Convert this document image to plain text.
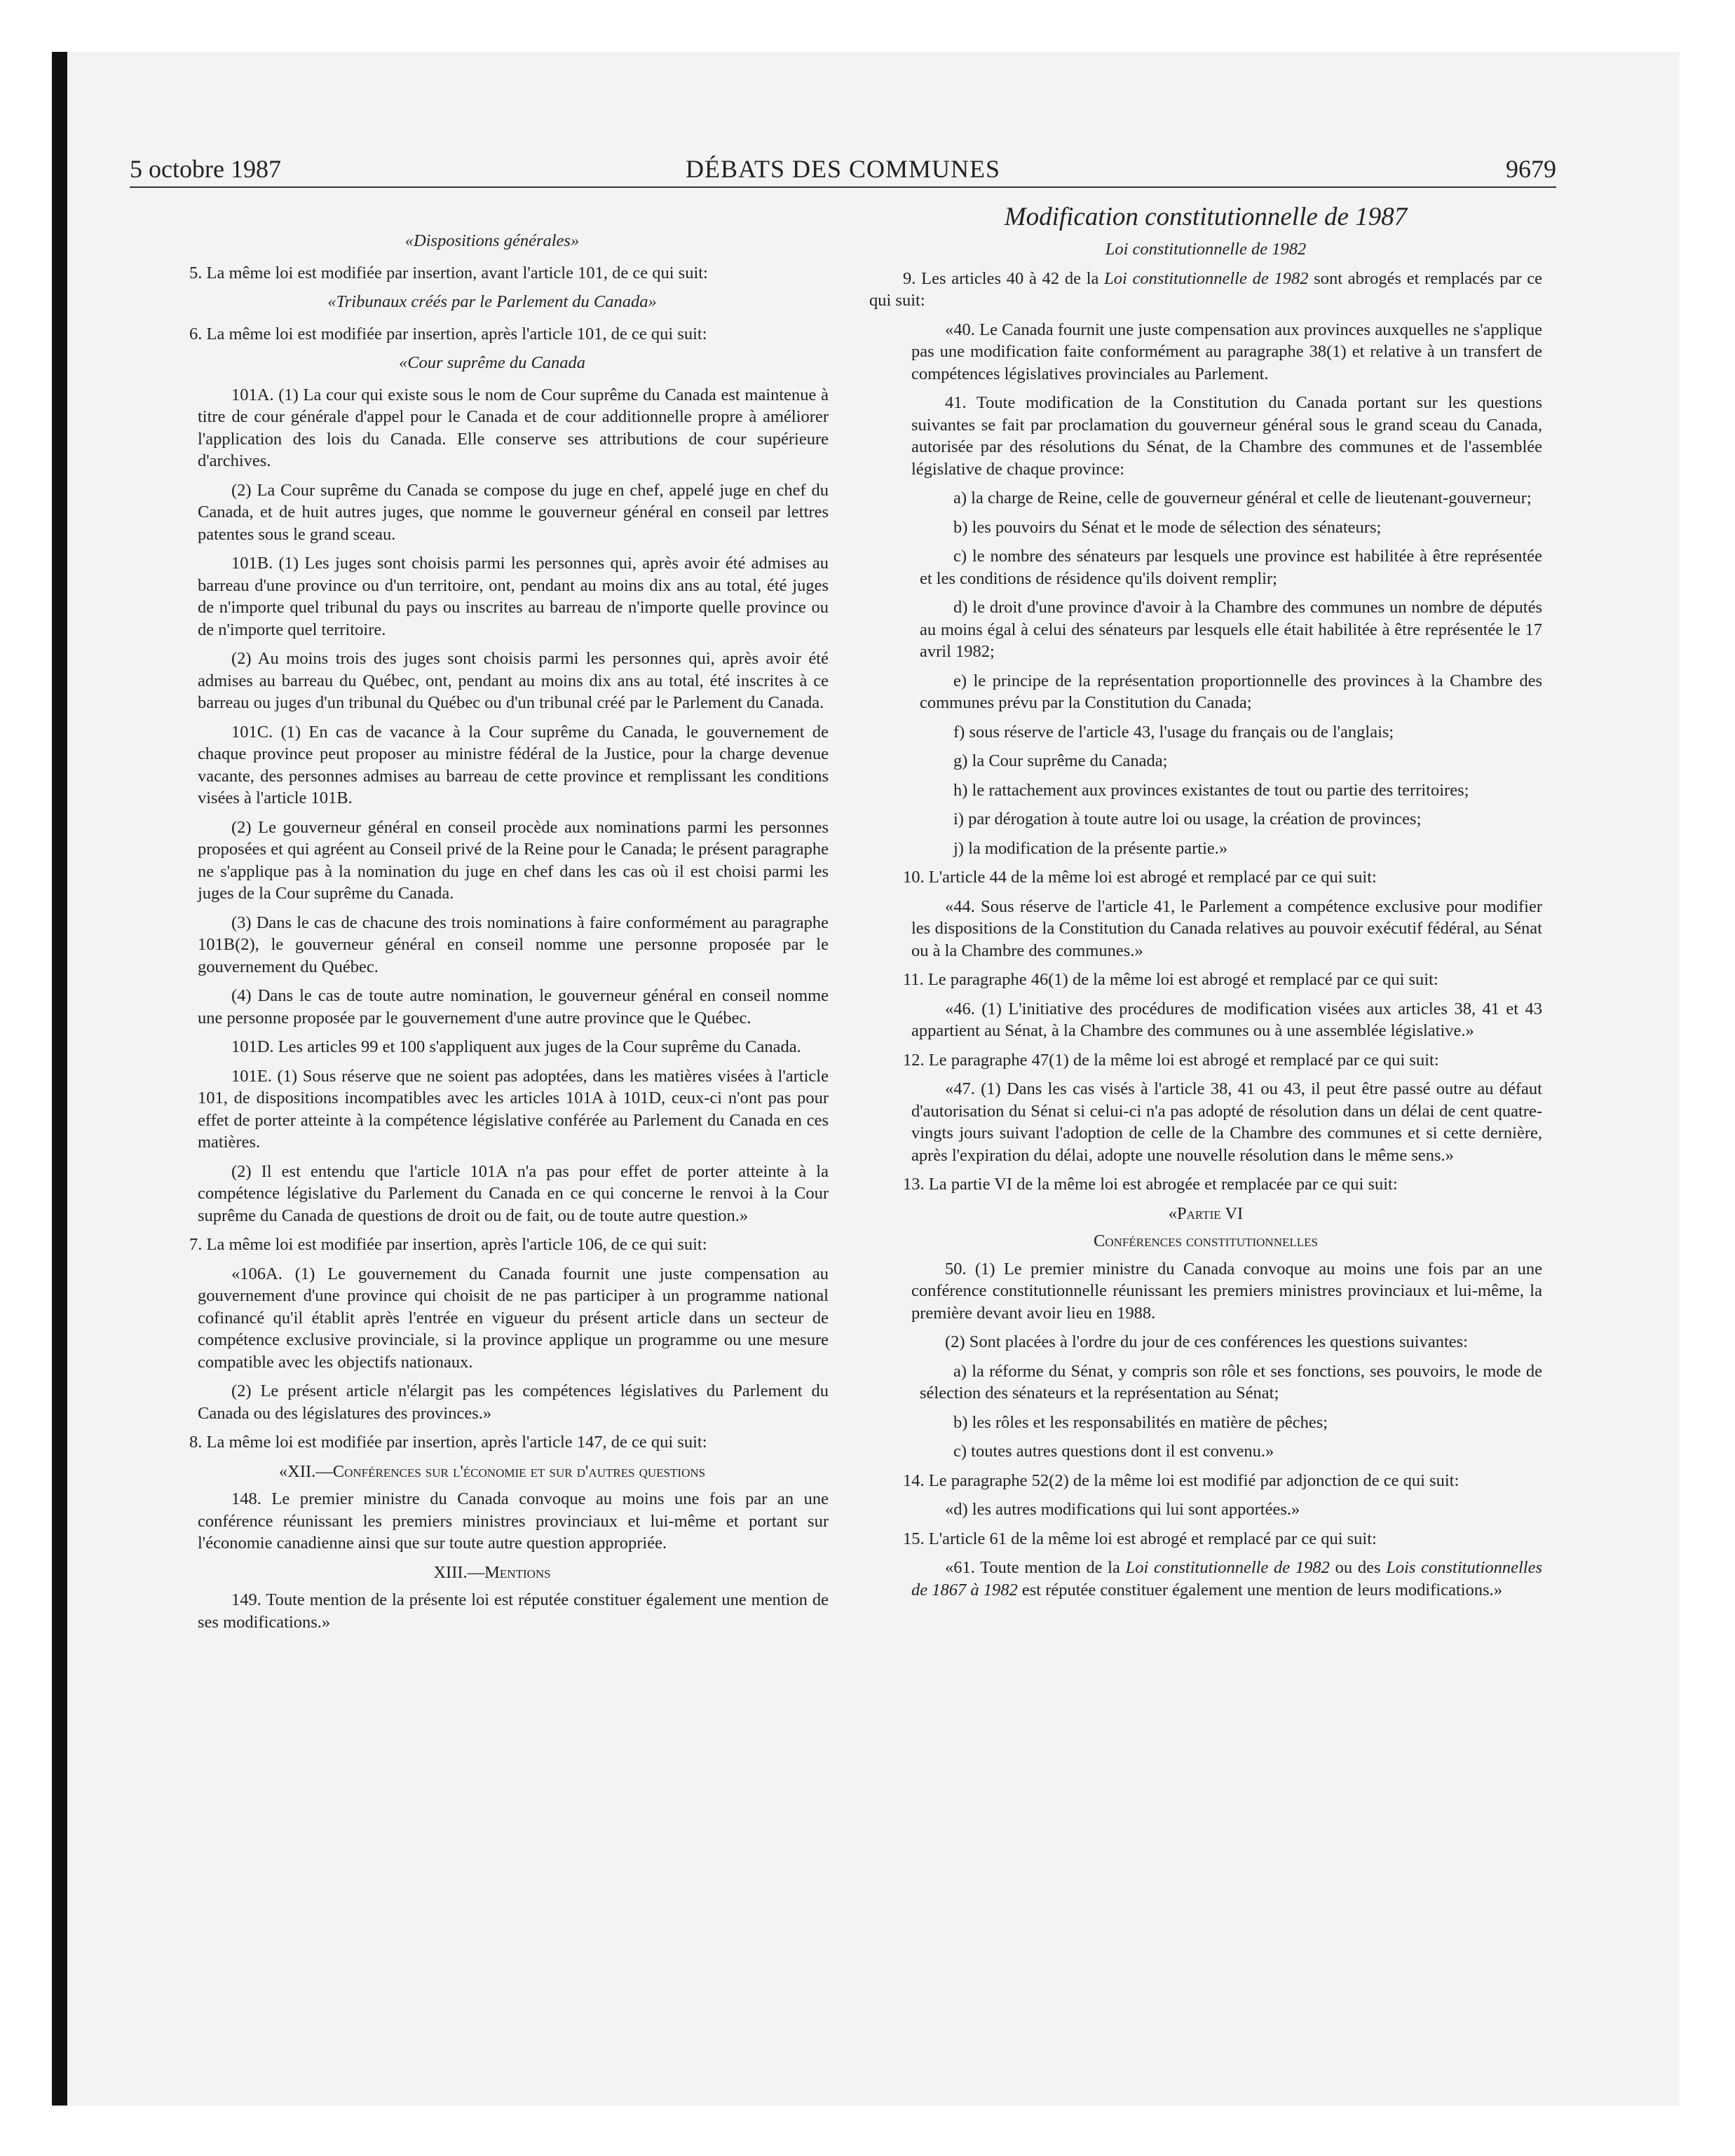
5 octobre 1987	DÉBATS DES COMMUNES	9679

«Dispositions générales»

5. La même loi est modifiée par insertion, avant l'article 101, de ce qui suit:

«Tribunaux créés par le Parlement du Canada»

6. La même loi est modifiée par insertion, après l'article 101, de ce qui suit:

«Cour suprême du Canada

101A. (1) La cour qui existe sous le nom de Cour suprême du Canada est maintenue à titre de cour générale d'appel pour le Canada et de cour additionnelle propre à améliorer l'application des lois du Canada. Elle conserve ses attributions de cour supérieure d'archives.

(2) La Cour suprême du Canada se compose du juge en chef, appelé juge en chef du Canada, et de huit autres juges, que nomme le gouverneur général en conseil par lettres patentes sous le grand sceau.

101B. (1) Les juges sont choisis parmi les personnes qui, après avoir été admises au barreau d'une province ou d'un territoire, ont, pendant au moins dix ans au total, été juges de n'importe quel tribunal du pays ou inscrites au barreau de n'importe quelle province ou de n'importe quel territoire.

(2) Au moins trois des juges sont choisis parmi les personnes qui, après avoir été admises au barreau du Québec, ont, pendant au moins dix ans au total, été inscrites à ce barreau ou juges d'un tribunal du Québec ou d'un tribunal créé par le Parlement du Canada.

101C. (1) En cas de vacance à la Cour suprême du Canada, le gouvernement de chaque province peut proposer au ministre fédéral de la Justice, pour la charge devenue vacante, des personnes admises au barreau de cette province et remplissant les conditions visées à l'article 101B.

(2) Le gouverneur général en conseil procède aux nominations parmi les personnes proposées et qui agréent au Conseil privé de la Reine pour le Canada; le présent paragraphe ne s'applique pas à la nomination du juge en chef dans les cas où il est choisi parmi les juges de la Cour suprême du Canada.

(3) Dans le cas de chacune des trois nominations à faire conformément au paragraphe 101B(2), le gouverneur général en conseil nomme une personne proposée par le gouvernement du Québec.

(4) Dans le cas de toute autre nomination, le gouverneur général en conseil nomme une personne proposée par le gouvernement d'une autre province que le Québec.

101D. Les articles 99 et 100 s'appliquent aux juges de la Cour suprême du Canada.

101E. (1) Sous réserve que ne soient pas adoptées, dans les matières visées à l'article 101, de dispositions incompatibles avec les articles 101A à 101D, ceux-ci n'ont pas pour effet de porter atteinte à la compétence législative conférée au Parlement du Canada en ces matières.

(2) Il est entendu que l'article 101A n'a pas pour effet de porter atteinte à la compétence législative du Parlement du Canada en ce qui concerne le renvoi à la Cour suprême du Canada de questions de droit ou de fait, ou de toute autre question.»

7. La même loi est modifiée par insertion, après l'article 106, de ce qui suit:

«106A. (1) Le gouvernement du Canada fournit une juste compensation au gouvernement d'une province qui choisit de ne pas participer à un programme national cofinancé qu'il établit après l'entrée en vigueur du présent article dans un secteur de compétence exclusive provinciale, si la province applique un programme ou une mesure compatible avec les objectifs nationaux.

(2) Le présent article n'élargit pas les compétences législatives du Parlement du Canada ou des législatures des provinces.»

8. La même loi est modifiée par insertion, après l'article 147, de ce qui suit:

«XII.—Conférences sur l'économie et sur d'autres questions

148. Le premier ministre du Canada convoque au moins une fois par an une conférence réunissant les premiers ministres provinciaux et lui-même et portant sur l'économie canadienne ainsi que sur toute autre question appropriée.

XIII.—Mentions

149. Toute mention de la présente loi est réputée constituer également une mention de ses modifications.»

Modification constitutionnelle de 1987

Loi constitutionnelle de 1982

9. Les articles 40 à 42 de la Loi constitutionnelle de 1982 sont abrogés et remplacés par ce qui suit:

«40. Le Canada fournit une juste compensation aux provinces auxquelles ne s'applique pas une modification faite conformément au paragraphe 38(1) et relative à un transfert de compétences législatives provinciales au Parlement.

41. Toute modification de la Constitution du Canada portant sur les questions suivantes se fait par proclamation du gouverneur général sous le grand sceau du Canada, autorisée par des résolutions du Sénat, de la Chambre des communes et de l'assemblée législative de chaque province:

a) la charge de Reine, celle de gouverneur général et celle de lieutenant-gouverneur;

b) les pouvoirs du Sénat et le mode de sélection des sénateurs;

c) le nombre des sénateurs par lesquels une province est habilitée à être représentée et les conditions de résidence qu'ils doivent remplir;

d) le droit d'une province d'avoir à la Chambre des communes un nombre de députés au moins égal à celui des sénateurs par lesquels elle était habilitée à être représentée le 17 avril 1982;

e) le principe de la représentation proportionnelle des provinces à la Chambre des communes prévu par la Constitution du Canada;

f) sous réserve de l'article 43, l'usage du français ou de l'anglais;

g) la Cour suprême du Canada;

h) le rattachement aux provinces existantes de tout ou partie des territoires;

i) par dérogation à toute autre loi ou usage, la création de provinces;

j) la modification de la présente partie.»

10. L'article 44 de la même loi est abrogé et remplacé par ce qui suit:

«44. Sous réserve de l'article 41, le Parlement a compétence exclusive pour modifier les dispositions de la Constitution du Canada relatives au pouvoir exécutif fédéral, au Sénat ou à la Chambre des communes.»

11. Le paragraphe 46(1) de la même loi est abrogé et remplacé par ce qui suit:

«46. (1) L'initiative des procédures de modification visées aux articles 38, 41 et 43 appartient au Sénat, à la Chambre des communes ou à une assemblée législative.»

12. Le paragraphe 47(1) de la même loi est abrogé et remplacé par ce qui suit:

«47. (1) Dans les cas visés à l'article 38, 41 ou 43, il peut être passé outre au défaut d'autorisation du Sénat si celui-ci n'a pas adopté de résolution dans un délai de cent quatre-vingts jours suivant l'adoption de celle de la Chambre des communes et si cette dernière, après l'expiration du délai, adopte une nouvelle résolution dans le même sens.»

13. La partie VI de la même loi est abrogée et remplacée par ce qui suit:

«Partie VI

Conférences constitutionnelles

50. (1) Le premier ministre du Canada convoque au moins une fois par an une conférence constitutionnelle réunissant les premiers ministres provinciaux et lui-même, la première devant avoir lieu en 1988.

(2) Sont placées à l'ordre du jour de ces conférences les questions suivantes:

a) la réforme du Sénat, y compris son rôle et ses fonctions, ses pouvoirs, le mode de sélection des sénateurs et la représentation au Sénat;

b) les rôles et les responsabilités en matière de pêches;

c) toutes autres questions dont il est convenu.»

14. Le paragraphe 52(2) de la même loi est modifié par adjonction de ce qui suit:

«d) les autres modifications qui lui sont apportées.»

15. L'article 61 de la même loi est abrogé et remplacé par ce qui suit:

«61. Toute mention de la Loi constitutionnelle de 1982 ou des Lois constitutionnelles de 1867 à 1982 est réputée constituer également une mention de leurs modifications.»
